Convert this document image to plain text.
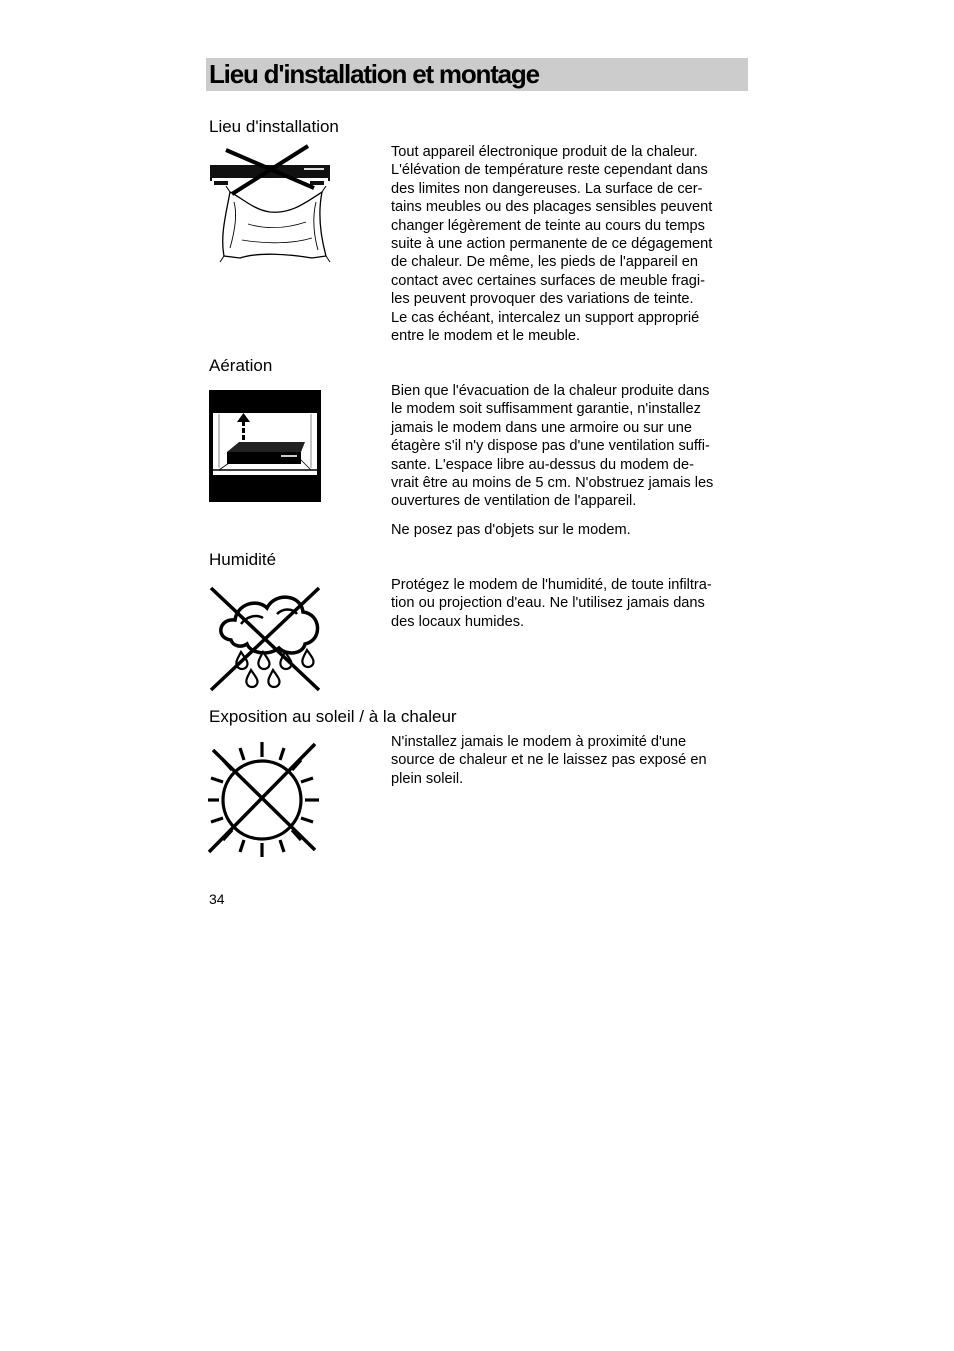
Lieu d'installation et montage
Lieu d'installation

Tout appareil électronique produit de la chaleur.

L'élévation de température reste cependant dans

des limites non dangereuses. La surface de cer-

tains meubles ou des placages sensibles peuvent

changer légèrement de teinte au cours du temps

suite à une action permanente de ce dégagement

de chaleur. De même, les pieds de l'appareil en

contact avec certaines surfaces de meuble fragi-

les peuvent provoquer des variations de teinte.

Le cas échéant, intercalez un support approprié

entre le modem et le meuble.

Aération

Bien que l'évacuation de la chaleur produite dans

le modem soit suffisamment garantie, n'installez

jamais le modem dans une armoire ou sur une

étagère s'il n'y dispose pas d'une ventilation suffi-

sante. L'espace libre au-dessus du modem de-

vrait être au moins de 5 cm. N'obstruez jamais les

ouvertures de ventilation de l'appareil.

Ne posez pas d'objets sur le modem.
Humidité

Protégez le modem de l'humidité, de toute infiltra-

tion ou projection d'eau. Ne l'utilisez jamais dans

des locaux humides.

Exposition au soleil / à la chaleur

N'installez jamais le modem à proximité d'une

source de chaleur et ne le laissez pas exposé en

plein soleil.

34
